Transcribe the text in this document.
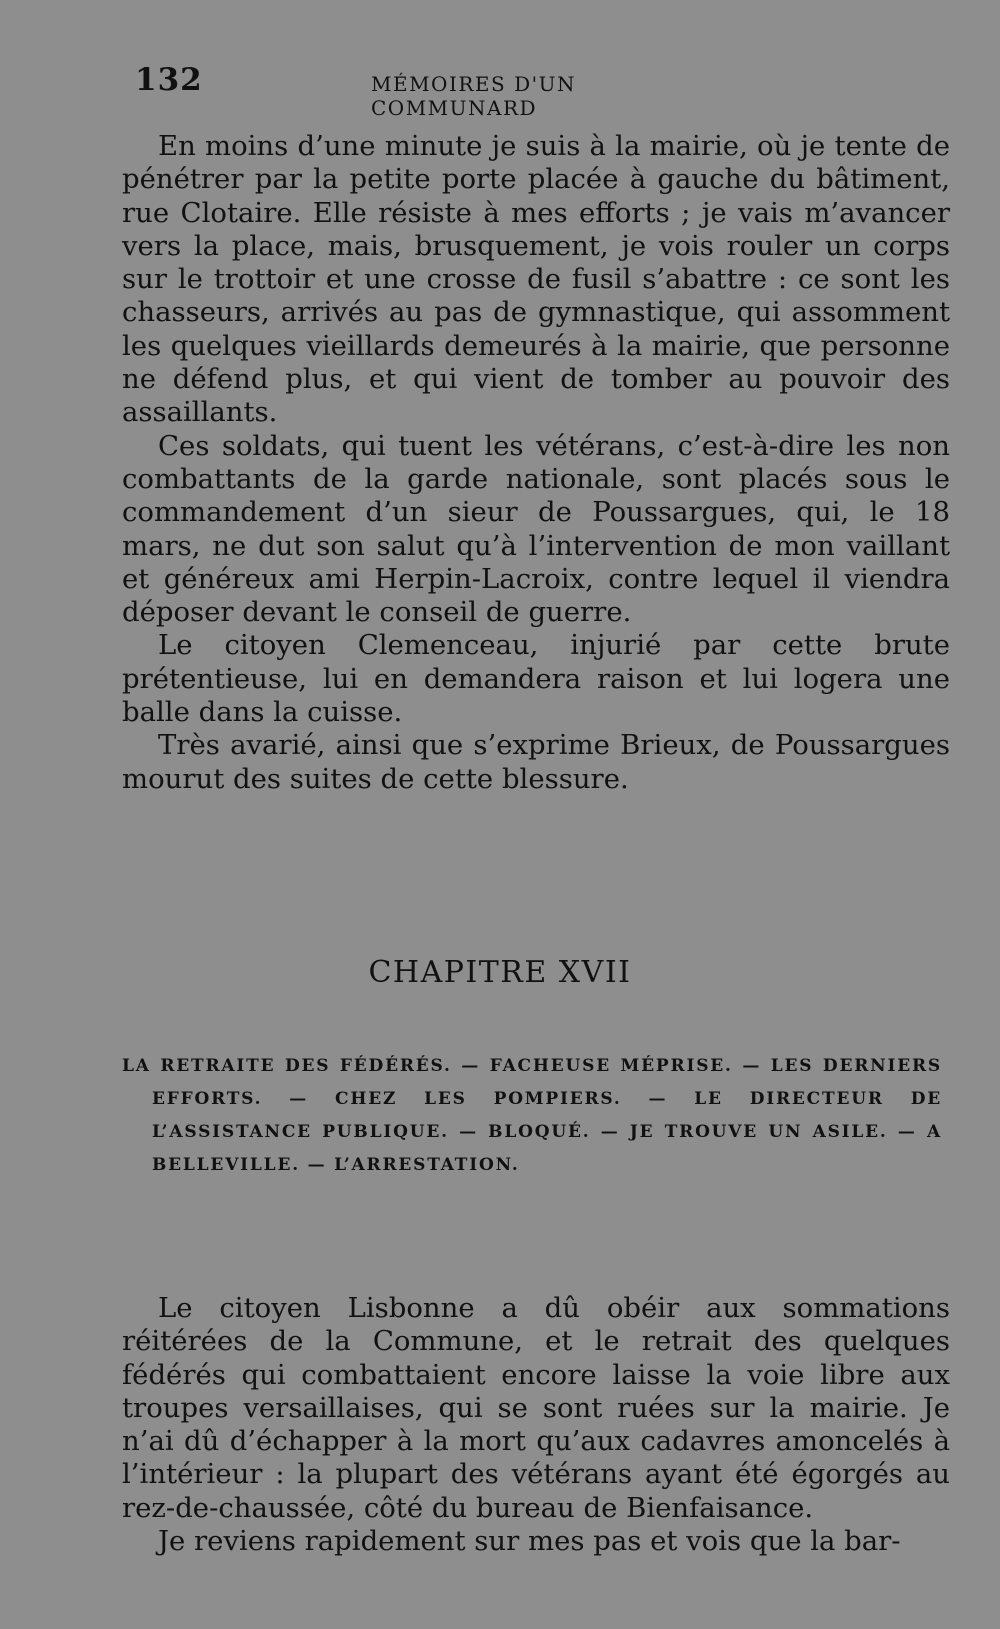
132	MÉMOIRES D'UN COMMUNARD

En moins d’une minute je suis à la mairie, où je tente de pénétrer par la petite porte placée à gauche du bâtiment, rue Clotaire. Elle résiste à mes efforts ; je vais m’avancer vers la place, mais, brusquement, je vois rouler un corps sur le trottoir et une crosse de fusil s’abattre : ce sont les chasseurs, arrivés au pas de gymnastique, qui assomment les quelques vieillards demeurés à la mairie, que personne ne défend plus, et qui vient de tomber au pouvoir des assaillants.

Ces soldats, qui tuent les vétérans, c’est-à-dire les non combattants de la garde nationale, sont placés sous le commandement d’un sieur de Poussargues, qui, le 18 mars, ne dut son salut qu’à l’intervention de mon vaillant et généreux ami Herpin-Lacroix, contre lequel il viendra déposer devant le conseil de guerre.

Le citoyen Clemenceau, injurié par cette brute prétentieuse, lui en demandera raison et lui logera une balle dans la cuisse.

Très avarié, ainsi que s’exprime Brieux, de Poussargues mourut des suites de cette blessure.

CHAPITRE XVII
LA RETRAITE DES FÉDÉRÉS. — FACHEUSE MÉPRISE. — LES DERNIERS EFFORTS. — CHEZ LES POMPIERS. — LE DIRECTEUR DE L’ASSISTANCE PUBLIQUE. — BLOQUÉ. — JE TROUVE UN ASILE. — A BELLEVILLE. — L’ARRESTATION.

Le citoyen Lisbonne a dû obéir aux sommations réitérées de la Commune, et le retrait des quelques fédérés qui combattaient encore laisse la voie libre aux troupes versaillaises, qui se sont ruées sur la mairie. Je n’ai dû d’échapper à la mort qu’aux cadavres amoncelés à l’intérieur : la plupart des vétérans ayant été égorgés au rez-de-chaussée, côté du bureau de Bienfaisance.

Je reviens rapidement sur mes pas et vois que la bar-
